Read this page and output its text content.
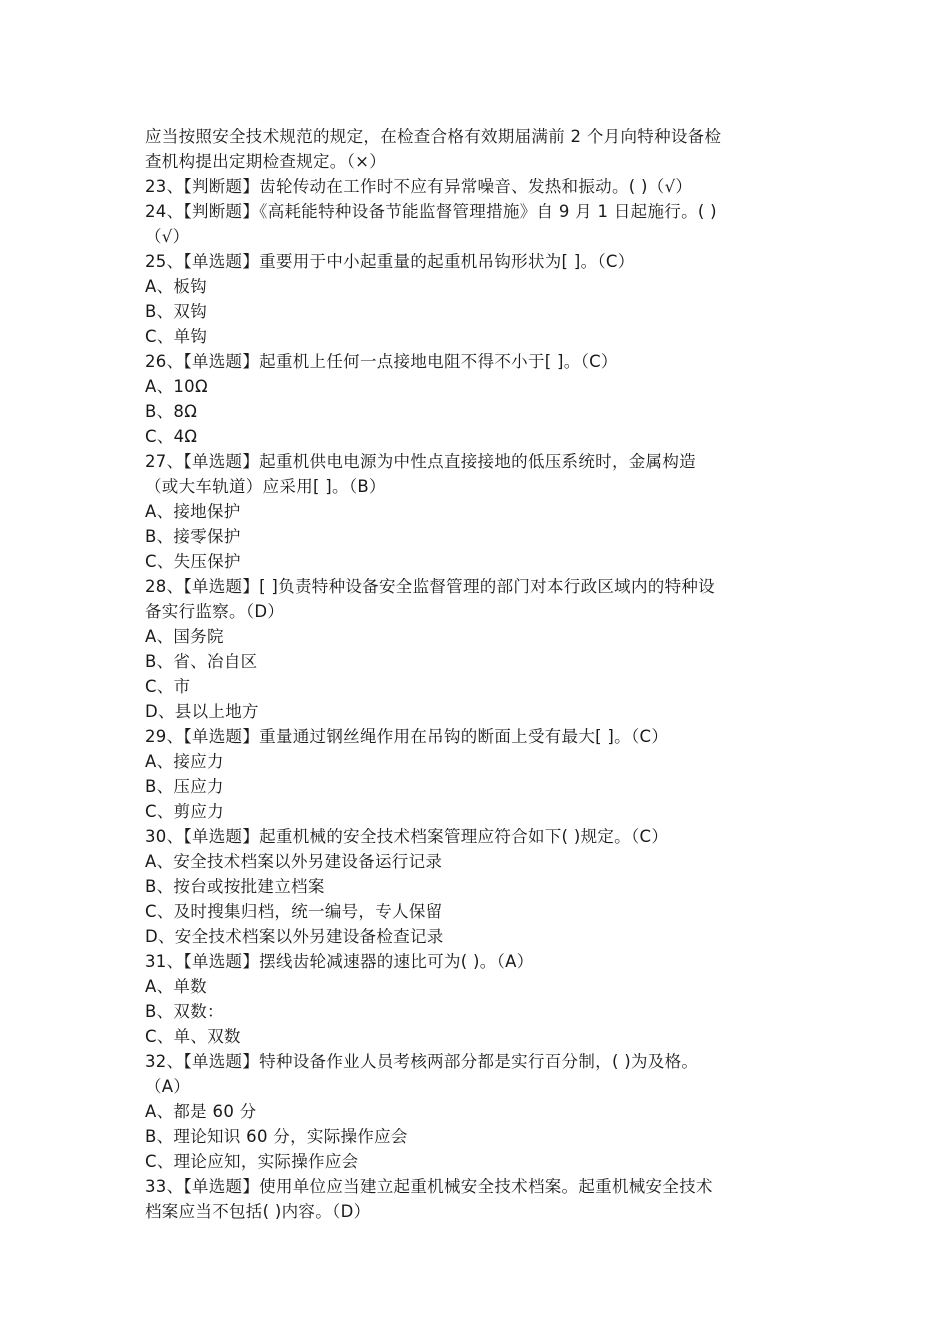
应当按照安全技术规范的规定，在检查合格有效期届满前 2 个月向特种设备检
查机构提出定期检查规定。（×）
23、【判断题】齿轮传动在工作时不应有异常噪音、发热和振动。( )（√）
24、【判断题】《高耗能特种设备节能监督管理措施》自 9 月 1 日起施行。( )
（√）
25、【单选题】重要用于中小起重量的起重机吊钩形状为[ ]。（C）
A、板钩
B、双钩
C、单钩
26、【单选题】起重机上任何一点接地电阻不得不小于[ ]。（C）
A、10Ω
B、8Ω
C、4Ω
27、【单选题】起重机供电电源为中性点直接接地的低压系统时，金属构造
（或大车轨道）应采用[ ]。（B）
A、接地保护
B、接零保护
C、失压保护
28、【单选题】[ ]负责特种设备安全监督管理的部门对本行政区域内的特种设
备实行监察。（D）
A、国务院
B、省、冶自区
C、市
D、县以上地方
29、【单选题】重量通过钢丝绳作用在吊钩的断面上受有最大[ ]。（C）
A、接应力
B、压应力
C、剪应力
30、【单选题】起重机械的安全技术档案管理应符合如下( )规定。（C）
A、安全技术档案以外另建设备运行记录
B、按台或按批建立档案
C、及时搜集归档，统一编号，专人保留
D、安全技术档案以外另建设备检查记录
31、【单选题】摆线齿轮减速器的速比可为( )。（A）
A、单数
B、双数：
C、单、双数
32、【单选题】特种设备作业人员考核两部分都是实行百分制，( )为及格。
（A）
A、都是 60 分
B、理论知识 60 分，实际操作应会
C、理论应知，实际操作应会
33、【单选题】使用单位应当建立起重机械安全技术档案。起重机械安全技术
档案应当不包括( )内容。（D）
